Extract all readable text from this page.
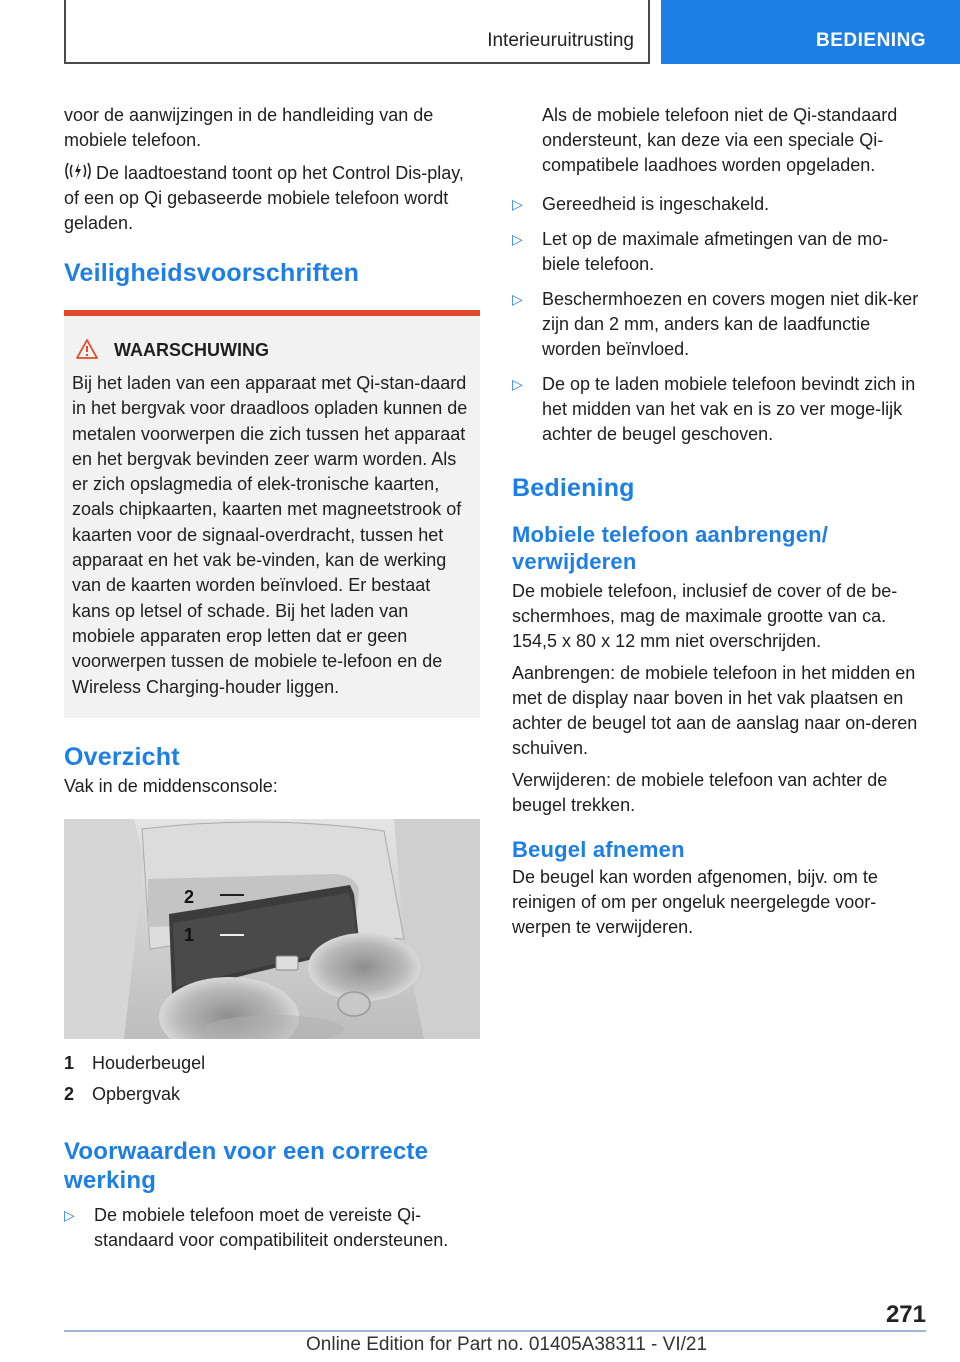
Interieuruitrusting	BEDIENING

voor de aanwijzingen in de handleiding van de mobiele telefoon.

De laadtoestand toont op het Control Dis-play, of een op Qi gebaseerde mobiele telefoon wordt geladen.

Veiligheidsvoorschriften
WAARSCHUWING
Bij het laden van een apparaat met Qi-stan-daard in het bergvak voor draadloos opladen kunnen de metalen voorwerpen die zich tussen het apparaat en het bergvak bevinden zeer warm worden. Als er zich opslagmedia of elek-tronische kaarten, zoals chipkaarten, kaarten met magneetstrook of kaarten voor de signaal-overdracht, tussen het apparaat en het vak be-vinden, kan de werking van de kaarten worden beïnvloed. Er bestaat kans op letsel of schade. Bij het laden van mobiele apparaten erop letten dat er geen voorwerpen tussen de mobiele te-lefoon en de Wireless Charging-houder liggen.
Overzicht

Vak in de middensconsole:

2
1
1 Houderbeugel
2 Opbergvak
Voorwaarden voor een correcte werking
▷ De mobiele telefoon moet de vereiste Qi-standaard voor compatibiliteit ondersteunen.

Als de mobiele telefoon niet de Qi-standaard ondersteunt, kan deze via een speciale Qi-compatibele laadhoes worden opgeladen.

▷ Gereedheid is ingeschakeld.
▷ Let op de maximale afmetingen van de mo-biele telefoon.
▷ Beschermhoezen en covers mogen niet dik-ker zijn dan 2 mm, anders kan de laadfunctie worden beïnvloed.
▷ De op te laden mobiele telefoon bevindt zich in het midden van het vak en is zo ver moge-lijk achter de beugel geschoven.
Bediening
Mobiele telefoon aanbrengen/ verwijderen

De mobiele telefoon, inclusief de cover of de be-schermhoes, mag de maximale grootte van ca. 154,5 x 80 x 12 mm niet overschrijden.

Aanbrengen: de mobiele telefoon in het midden en met de display naar boven in het vak plaatsen en achter de beugel tot aan de aanslag naar on-deren schuiven.

Verwijderen: de mobiele telefoon van achter de beugel trekken.

Beugel afnemen

De beugel kan worden afgenomen, bijv. om te reinigen of om per ongeluk neergelegde voor-werpen te verwijderen.

271
Online Edition for Part no. 01405A38311 - VI/21
